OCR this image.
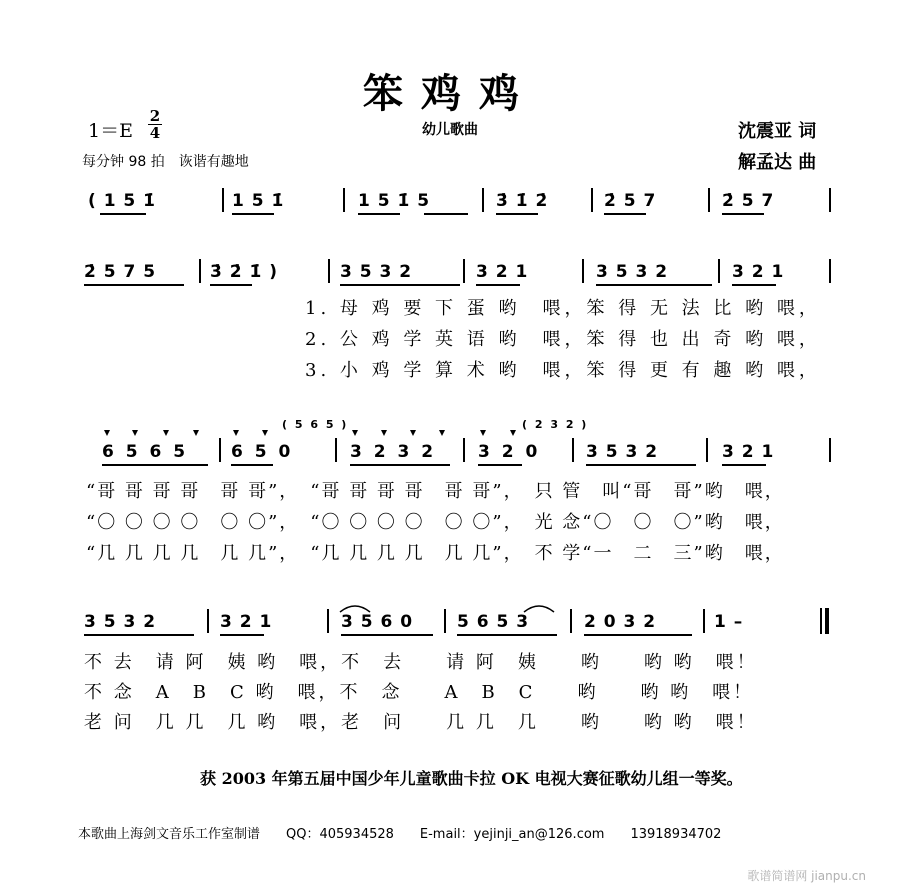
笨鸡鸡
1＝E
2
4	幼儿歌曲
每分钟 98 拍　诙谐有趣地
沈震亚 词
解孟达 曲
( 1 5 1̇	1 5 1̇	1 5 1̇ 5	3̇ 1̇ 2̇	2̇ 5 7	2̇ 5 7
2̇ 5 7 5	3̇ 2̇ 1̇ )	3 5 3 2	3 2 1	3 5 3 2	3 2 1
1. 母 鸡 要 下 蛋 哟　喂，笨 得 无 法 比 哟 喂，
2. 公 鸡 学 英 语 哟　喂，笨 得 也 出 奇 哟 喂，
3. 小 鸡 学 算 术 哟　喂，笨 得 更 有 趣 哟 喂，
( 5 6 5 )	( 2 3 2 )
6 5 6 5	6 5 0	3 2 3 2 3 2 0	3 5 3 2	3 2 1
“哥 哥 哥 哥　哥 哥”，　“哥 哥 哥 哥　哥 哥”，　只 管　叫“哥　哥”哟　喂，
“〇 〇 〇 〇　〇 〇”，　“〇 〇 〇 〇　〇 〇”，　光 念“〇　〇　〇”哟　喂，
“几 几 几 几　几 几”，　“几 几 几 几　几 几”，　不 学“一　二　三”哟　喂，
3 5 3 2	3 2 1	3 5 6 0	5 6 5 3	2 0 3 2	1 –
不 去　请 阿　姨 哟　喂，不　去　　请 阿　姨　　哟　　哟 哟　喂！
不 念　A　B　C 哟　喂，不　念　　A　B　C　　哟　　哟 哟　喂！
老 问　几 几　几 哟　喂，老　问　　几 几　几　　哟　　哟 哟　喂！
获 2003 年第五届中国少年儿童歌曲卡拉 OK 电视大赛征歌幼儿组一等奖。
本歌曲上海剑文音乐工作室制谱　　QQ：405934528　　E-mail：yejinji_an@126.com　　13918934702
歌谱简谱网 jianpu.cn
